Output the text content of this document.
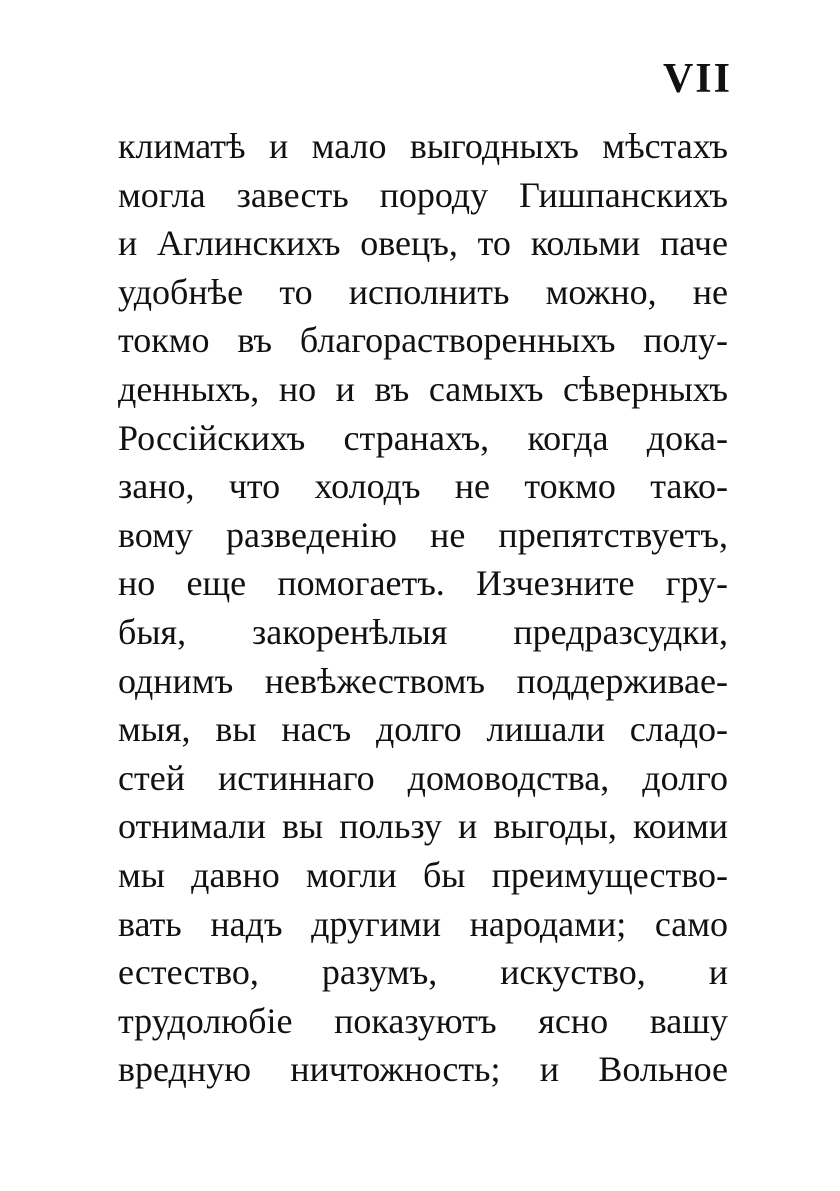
VII
климатѣ и мало выгодныхъ мѣстахъ
могла завесть породу Гишпанскихъ
и Аглинскихъ овецъ, то кольми паче
удобнѣе то исполнить можно, не
токмо въ благорастворенныхъ полу-
денныхъ, но и въ самыхъ сѣверныхъ
Россійскихъ странахъ, когда дока-
зано, что холодъ не токмо тако-
вому разведенію не препятствуетъ,
но еще помогаетъ. Изчезните гру-
быя, закоренѣлыя предразсудки,
однимъ невѣжествомъ поддерживае-
мыя, вы насъ долго лишали сладо-
стей истиннаго домоводства, долго
отнимали вы пользу и выгоды, коими
мы давно могли бы преимущество-
вать надъ другими народами; само
естество, разумъ, искуство, и
трудолюбіе показуютъ ясно вашу
вредную ничтожность; и Вольное
